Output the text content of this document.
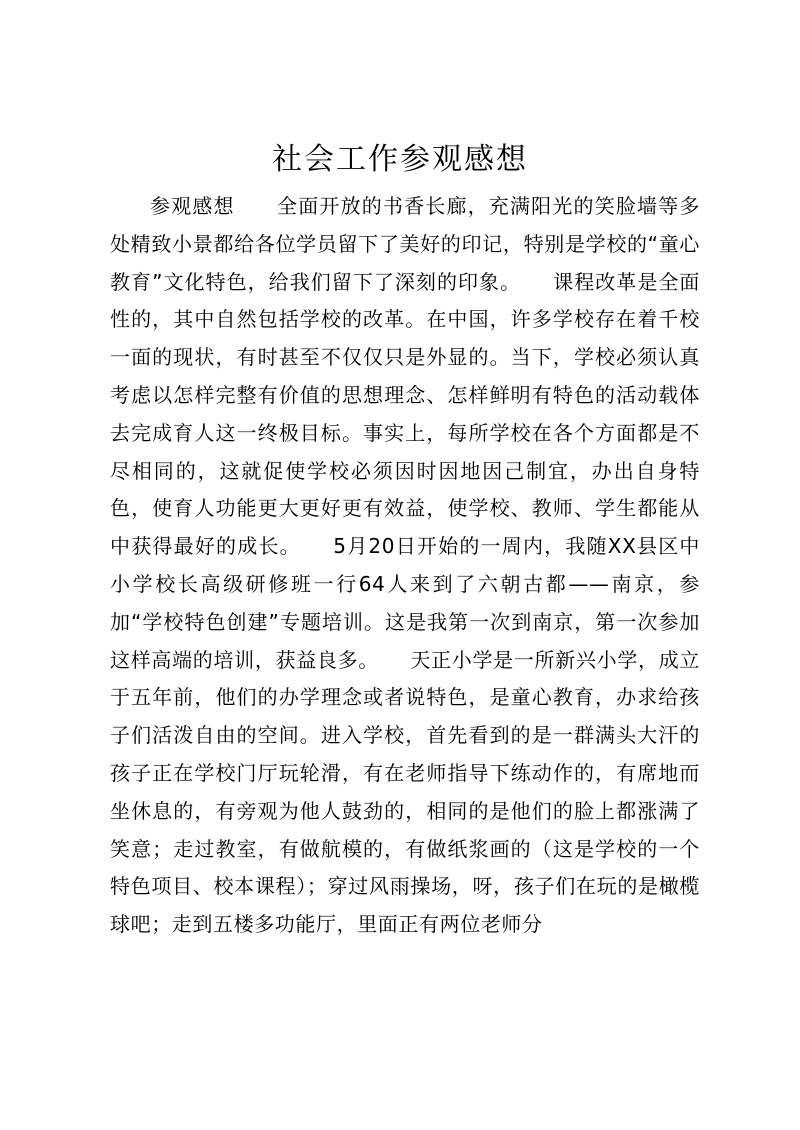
社会工作参观感想

参观感想　　全面开放的书香长廊，充满阳光的笑脸墙等多处精致小景都给各位学员留下了美好的印记，特别是学校的“童心教育”文化特色，给我们留下了深刻的印象。　　课程改革是全面性的，其中自然包括学校的改革。在中国，许多学校存在着千校一面的现状，有时甚至不仅仅只是外显的。当下，学校必须认真考虑以怎样完整有价值的思想理念、怎样鲜明有特色的活动载体去完成育人这一终极目标。事实上，每所学校在各个方面都是不尽相同的，这就促使学校必须因时因地因己制宜，办出自身特色，使育人功能更大更好更有效益，使学校、教师、学生都能从中获得最好的成长。　　5月20日开始的一周内，我随XX县区中小学校长高级研修班一行64人来到了六朝古都——南京，参加“学校特色创建”专题培训。这是我第一次到南京，第一次参加这样高端的培训，获益良多。　　天正小学是一所新兴小学，成立于五年前，他们的办学理念或者说特色，是童心教育，办求给孩子们活泼自由的空间。进入学校，首先看到的是一群满头大汗的孩子正在学校门厅玩轮滑，有在老师指导下练动作的，有席地而坐休息的，有旁观为他人鼓劲的，相同的是他们的脸上都涨满了笑意；走过教室，有做航模的，有做纸浆画的（这是学校的一个特色项目、校本课程）；穿过风雨操场，呀，孩子们在玩的是橄榄球吧；走到五楼多功能厅，里面正有两位老师分
